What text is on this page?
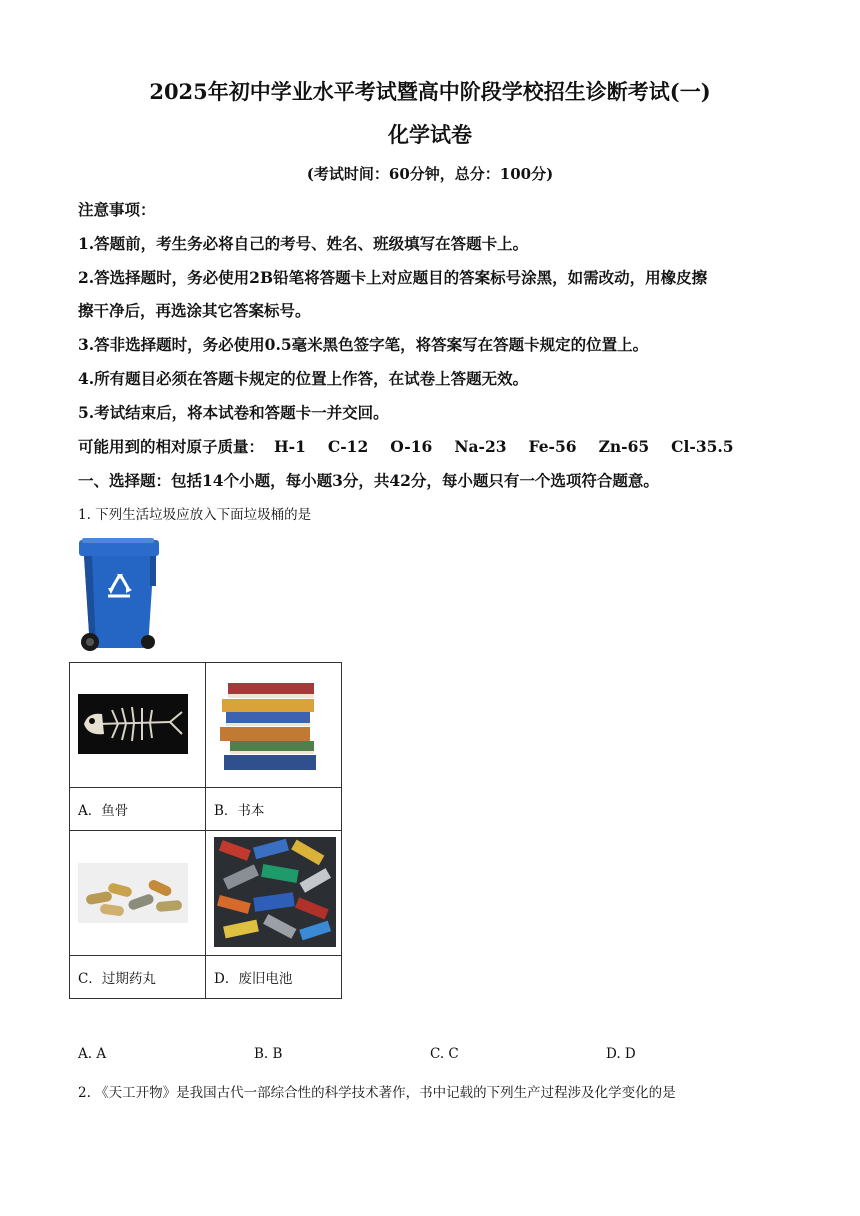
2025年初中学业水平考试暨高中阶段学校招生诊断考试(一)
化学试卷
(考试时间：60分钟，总分：100分)
注意事项：
1.答题前，考生务必将自己的考号、姓名、班级填写在答题卡上。
2.答选择题时，务必使用2B铅笔将答题卡上对应题目的答案标号涂黑，如需改动，用橡皮擦
擦干净后，再选涂其它答案标号。
3.答非选择题时，务必使用0.5毫米黑色签字笔，将答案写在答题卡规定的位置上。
4.所有题目必须在答题卡规定的位置上作答，在试卷上答题无效。
5.考试结束后，将本试卷和答题卡一并交回。
可能用到的相对原子质量： H-1 C-12 O-16 Na-23 Fe-56 Zn-65 Cl-35.5
一、选择题：包括14个小题，每小题3分，共42分，每小题只有一个选项符合题意。
1. 下列生活垃圾应放入下面垃圾桶的是

A．鱼骨	B．书本

C．过期药丸	D．废旧电池
A. A	B. B	C. C	D. D
2. 《天工开物》是我国古代一部综合性的科学技术著作，书中记载的下列生产过程涉及化学变化的是
